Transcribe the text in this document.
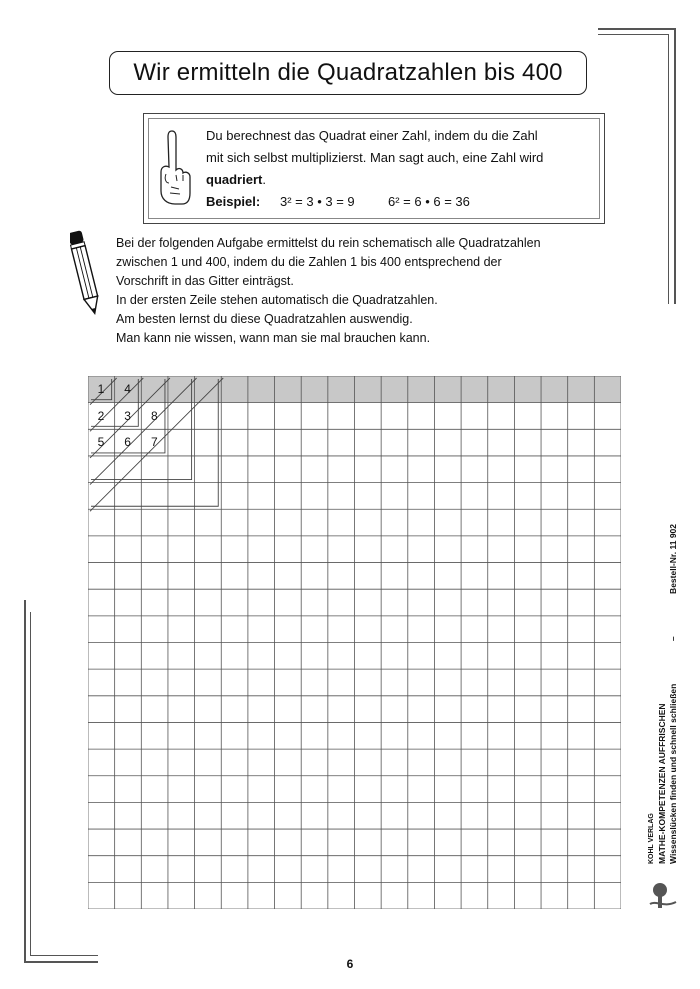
Wir ermitteln die Quadratzahlen bis 400
Du berechnest das Quadrat einer Zahl, indem du die Zahl
mit sich selbst multiplizierst. Man sagt auch, eine Zahl wird
quadriert.
Beispiel: 3² = 3 • 3 = 9	6² = 6 • 6 = 36
Bei der folgenden Aufgabe ermittelst du rein schematisch alle Quadratzahlen
zwischen 1 und 400, indem du die Zahlen 1 bis 400 entsprechend der
Vorschrift in das Gitter einträgst.
In der ersten Zeile stehen automatisch die Quadratzahlen.
Am besten lernst du diese Quadratzahlen auswendig.
Man kann nie wissen, wann man sie mal brauchen kann.
1	4
2	3	8
5	6	7
KOHL VERLAG MATHE-KOMPETENZEN AUFFRISCHEN Wissenslücken finden und schnell schließen
–
Bestell-Nr. 11 902
6
